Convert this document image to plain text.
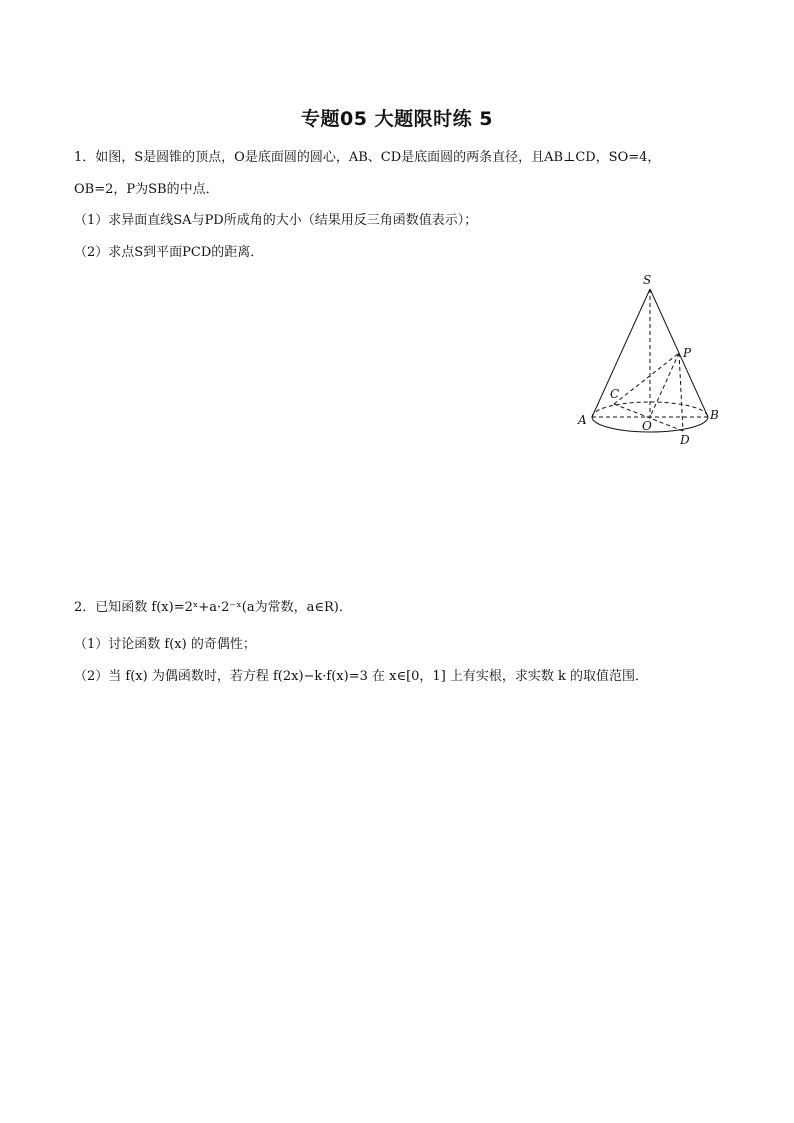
专题05 大题限时练 5
1．如图，S是圆锥的顶点，O是底面圆的圆心，AB、CD是底面圆的两条直径，且AB⊥CD，SO=4，
OB=2，P为SB的中点．
（1）求异面直线SA与PD所成角的大小（结果用反三角函数值表示）；
（2）求点S到平面PCD的距离．
S
P
C
A	O
B
D
2．已知函数 f(x)=2ˣ+a·2⁻ˣ(a为常数，a∈R)．
（1）讨论函数 f(x) 的奇偶性；
（2）当 f(x) 为偶函数时，若方程 f(2x)−k·f(x)=3 在 x∈[0，1] 上有实根，求实数 k 的取值范围．
